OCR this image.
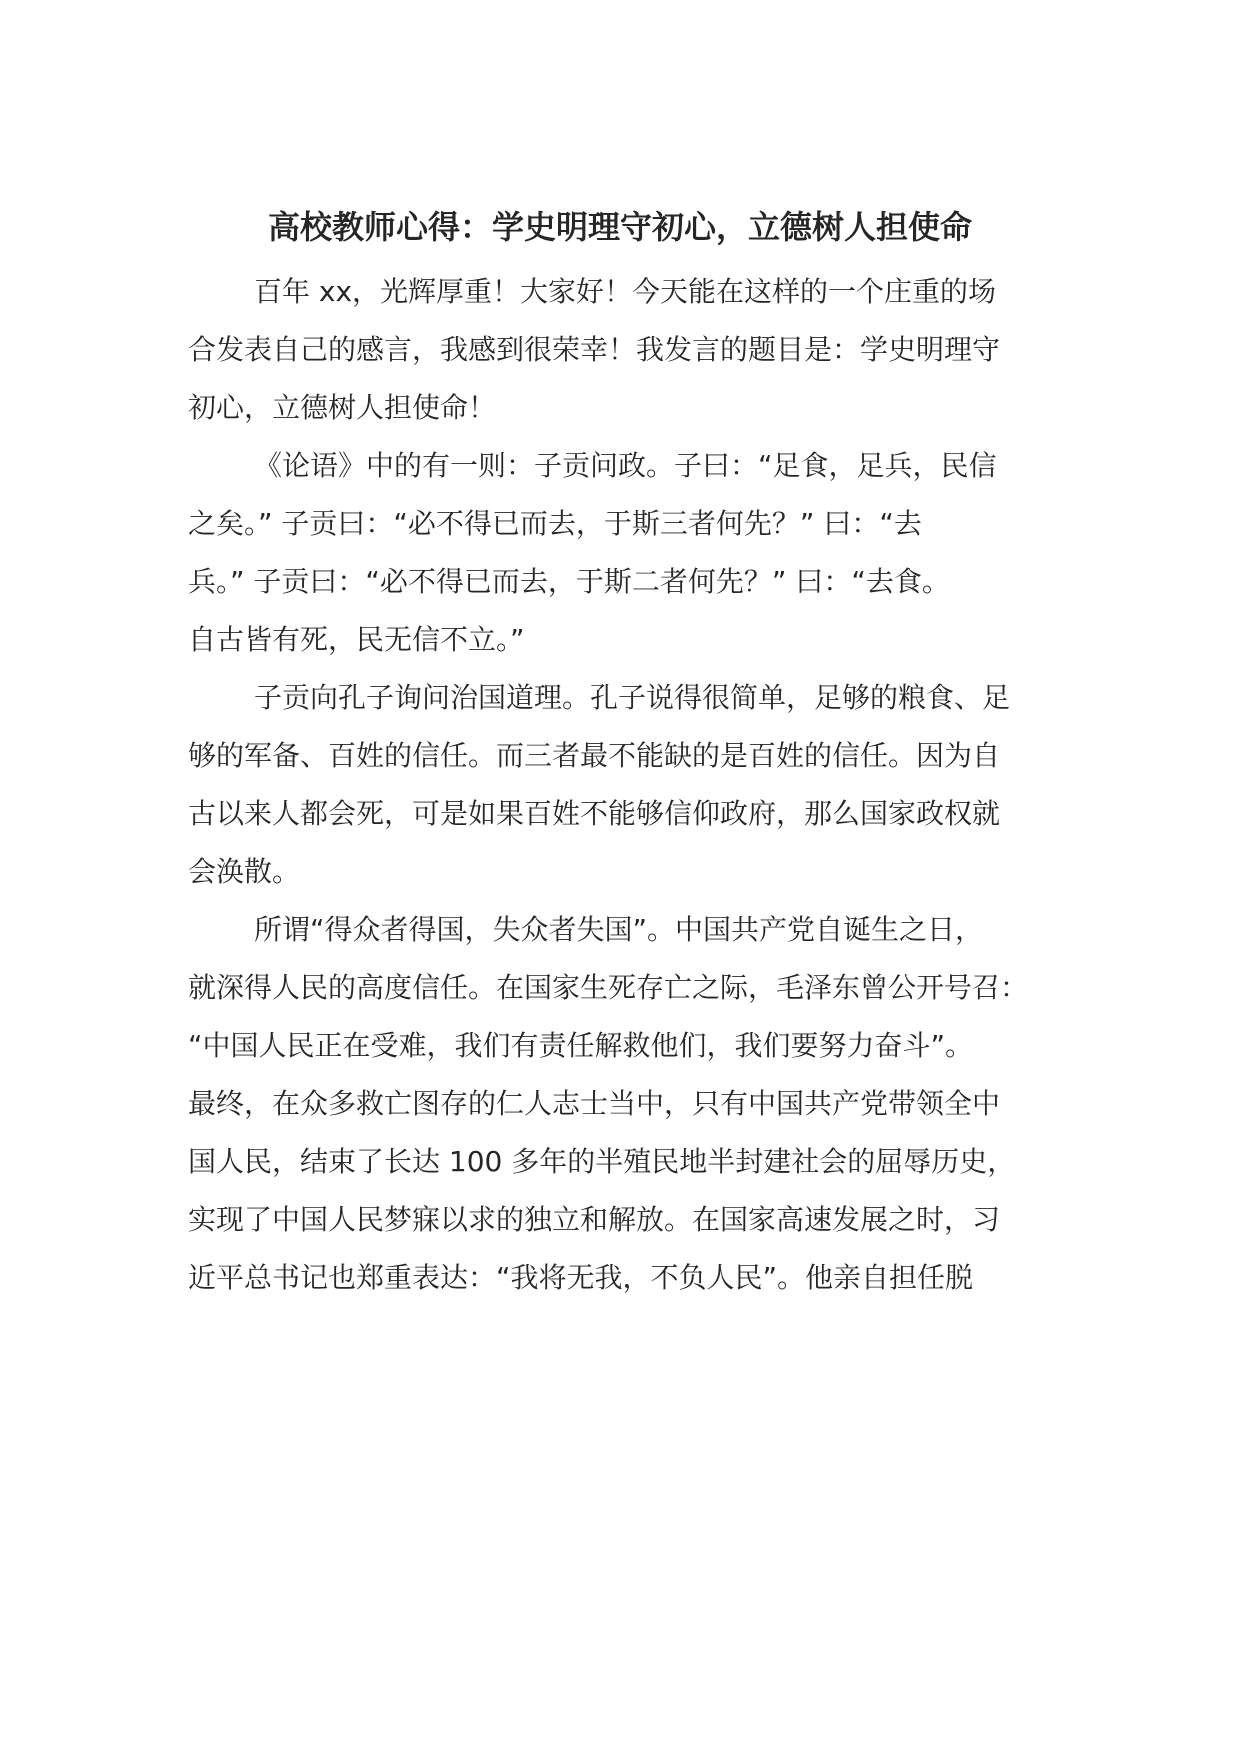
高校教师心得：学史明理守初心，立德树人担使命
百年 xx，光辉厚重！大家好！今天能在这样的一个庄重的场
合发表自己的感言，我感到很荣幸！我发言的题目是：学史明理守
初心，立德树人担使命！
《论语》中的有一则：子贡问政。子曰：“足食，足兵，民信
之矣。” 子贡曰：“必不得已而去，于斯三者何先？” 曰：“去
兵。” 子贡曰：“必不得已而去，于斯二者何先？” 曰：“去食。
自古皆有死，民无信不立。”
子贡向孔子询问治国道理。孔子说得很简单，足够的粮食、足
够的军备、百姓的信任。而三者最不能缺的是百姓的信任。因为自
古以来人都会死，可是如果百姓不能够信仰政府，那么国家政权就
会涣散。
所谓“得众者得国，失众者失国”。中国共产党自诞生之日，
就深得人民的高度信任。在国家生死存亡之际，毛泽东曾公开号召：
“中国人民正在受难，我们有责任解救他们，我们要努力奋斗”。
最终，在众多救亡图存的仁人志士当中，只有中国共产党带领全中
国人民，结束了长达 100 多年的半殖民地半封建社会的屈辱历史，
实现了中国人民梦寐以求的独立和解放。在国家高速发展之时，习
近平总书记也郑重表达：“我将无我，不负人民”。他亲自担任脱
